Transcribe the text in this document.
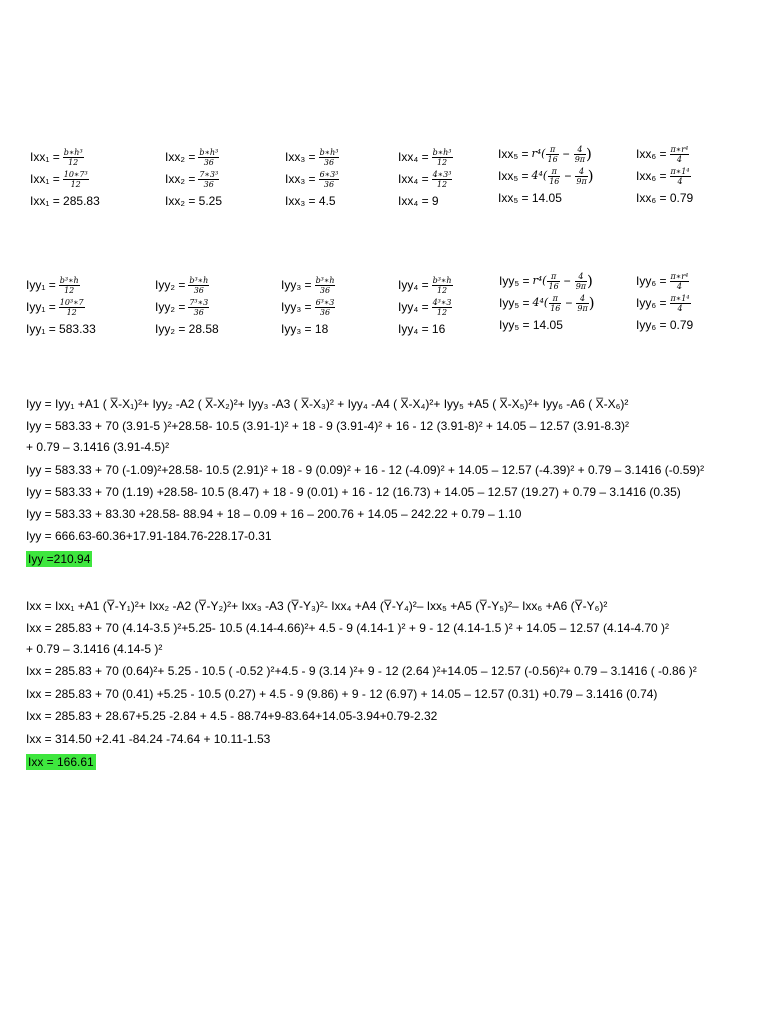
$Ixx_1 = \frac{\text{b∗h³}}{12}$
$Ixx_1 = \frac{\text{10∗7³}}{12}$
Ixx₁ = 285.83
$Ixx_2 = \frac{\text{b∗h³}}{36}$
$Ixx_2 = \frac{\text{7∗3³}}{36}$
Ixx₂ = 5.25
$Ixx_3 = \frac{\text{b∗h³}}{36}$
$Ixx_3 = \frac{\text{6∗3³}}{36}$
Ixx₃ = 4.5
$Ixx_4 = \frac{\text{b∗h³}}{12}$
$Ixx_4 = \frac{\text{4∗3³}}{12}$
Ixx₄ = 9
$Ixx_5 = r^4( \frac{\pi}{16} - \frac{4}{9\pi}$ )
$Ixx_5 = 4^4( \frac{\pi}{16} - \frac{4}{9\pi}$ )
Ixx₅ = 14.05
$Ixx_6 = \frac{\text{π∗r⁴}}{4}$
$Ixx_6 = \frac{\text{π∗1⁴}}{4}$
Ixx₆ = 0.79
$Iyy_1 = \frac{\text{b³∗h}}{12}$
$Iyy_1 = \frac{\text{10³∗7}}{12}$
Iyy₁ = 583.33
$Iyy_2 = \frac{\text{b³∗h}}{36}$
$Iyy_2 = \frac{\text{7³∗3}}{36}$
Iyy₂ = 28.58
$Iyy_3 = \frac{\text{b³∗h}}{36}$
$Iyy_3 = \frac{\text{6³∗3}}{36}$
Iyy₃ = 18
$Iyy_4 = \frac{\text{b³∗h}}{12}$
$Iyy_4 = \frac{\text{4³∗3}}{12}$
Iyy₄ = 16
$Iyy_5 = r^4( \frac{\pi}{16} - \frac{4}{9\pi}$ )
$Iyy_5 = 4^4( \frac{\pi}{16} - \frac{4}{9\pi}$ )
Iyy₅ = 14.05
$Iyy_6 = \frac{\text{π∗r⁴}}{4}$
$Iyy_6 = \frac{\text{π∗1⁴}}{4}$
Iyy₆ = 0.79
Iyy = Iyy₁ +A1 ( X̅-X₁)²+ Iyy₂ -A2 ( X̅-X₂)²+ Iyy₃ -A3 ( X̅-X₃)² + Iyy₄ -A4 ( X̅-X₄)²+ Iyy₅ +A5 ( X̅-X₅)²+ Iyy₆ -A6 ( X̅-X₆)²
Iyy = 583.33 + 70 (3.91-5 )²+28.58- 10.5 (3.91-1)² + 18 - 9 (3.91-4)² + 16 - 12 (3.91-8)² + 14.05 – 12.57 (3.91-8.3)²
+ 0.79 – 3.1416 (3.91-4.5)²
Iyy = 583.33 + 70 (-1.09)²+28.58- 10.5 (2.91)² + 18 - 9 (0.09)² + 16 - 12 (-4.09)² + 14.05 – 12.57 (-4.39)² + 0.79 – 3.1416 (-0.59)²
Iyy = 583.33 + 70 (1.19) +28.58- 10.5 (8.47) + 18 - 9 (0.01) + 16 - 12 (16.73) + 14.05 – 12.57 (19.27) + 0.79 – 3.1416 (0.35)
Iyy = 583.33 + 83.30 +28.58- 88.94 + 18 – 0.09 + 16 – 200.76 + 14.05 – 242.22 + 0.79 – 1.10
Iyy = 666.63-60.36+17.91-184.76-228.17-0.31
Iyy =210.94
Ixx = Ixx₁ +A1 (Y̅-Y₁)²+ Ixx₂ -A2 (Y̅-Y₂)²+ Ixx₃ -A3 (Y̅-Y₃)²- Ixx₄ +A4 (Y̅-Y₄)²– Ixx₅ +A5 (Y̅-Y₅)²– Ixx₆ +A6 (Y̅-Y₆)²
Ixx = 285.83 + 70 (4.14-3.5 )²+5.25- 10.5 (4.14-4.66)²+ 4.5 - 9 (4.14-1 )² + 9 - 12 (4.14-1.5 )² + 14.05 – 12.57 (4.14-4.70 )²
+ 0.79 – 3.1416 (4.14-5 )²
Ixx = 285.83 + 70 (0.64)²+ 5.25 - 10.5 ( -0.52 )²+4.5 - 9 (3.14 )²+ 9 - 12 (2.64 )²+14.05 – 12.57 (-0.56)²+ 0.79 – 3.1416 ( -0.86 )²
Ixx = 285.83 + 70 (0.41) +5.25 - 10.5 (0.27) + 4.5 - 9 (9.86) + 9 - 12 (6.97) + 14.05 – 12.57 (0.31) +0.79 – 3.1416 (0.74)
Ixx = 285.83 + 28.67+5.25 -2.84 + 4.5 - 88.74+9-83.64+14.05-3.94+0.79-2.32
Ixx = 314.50 +2.41 -84.24 -74.64 + 10.11-1.53
Ixx = 166.61
